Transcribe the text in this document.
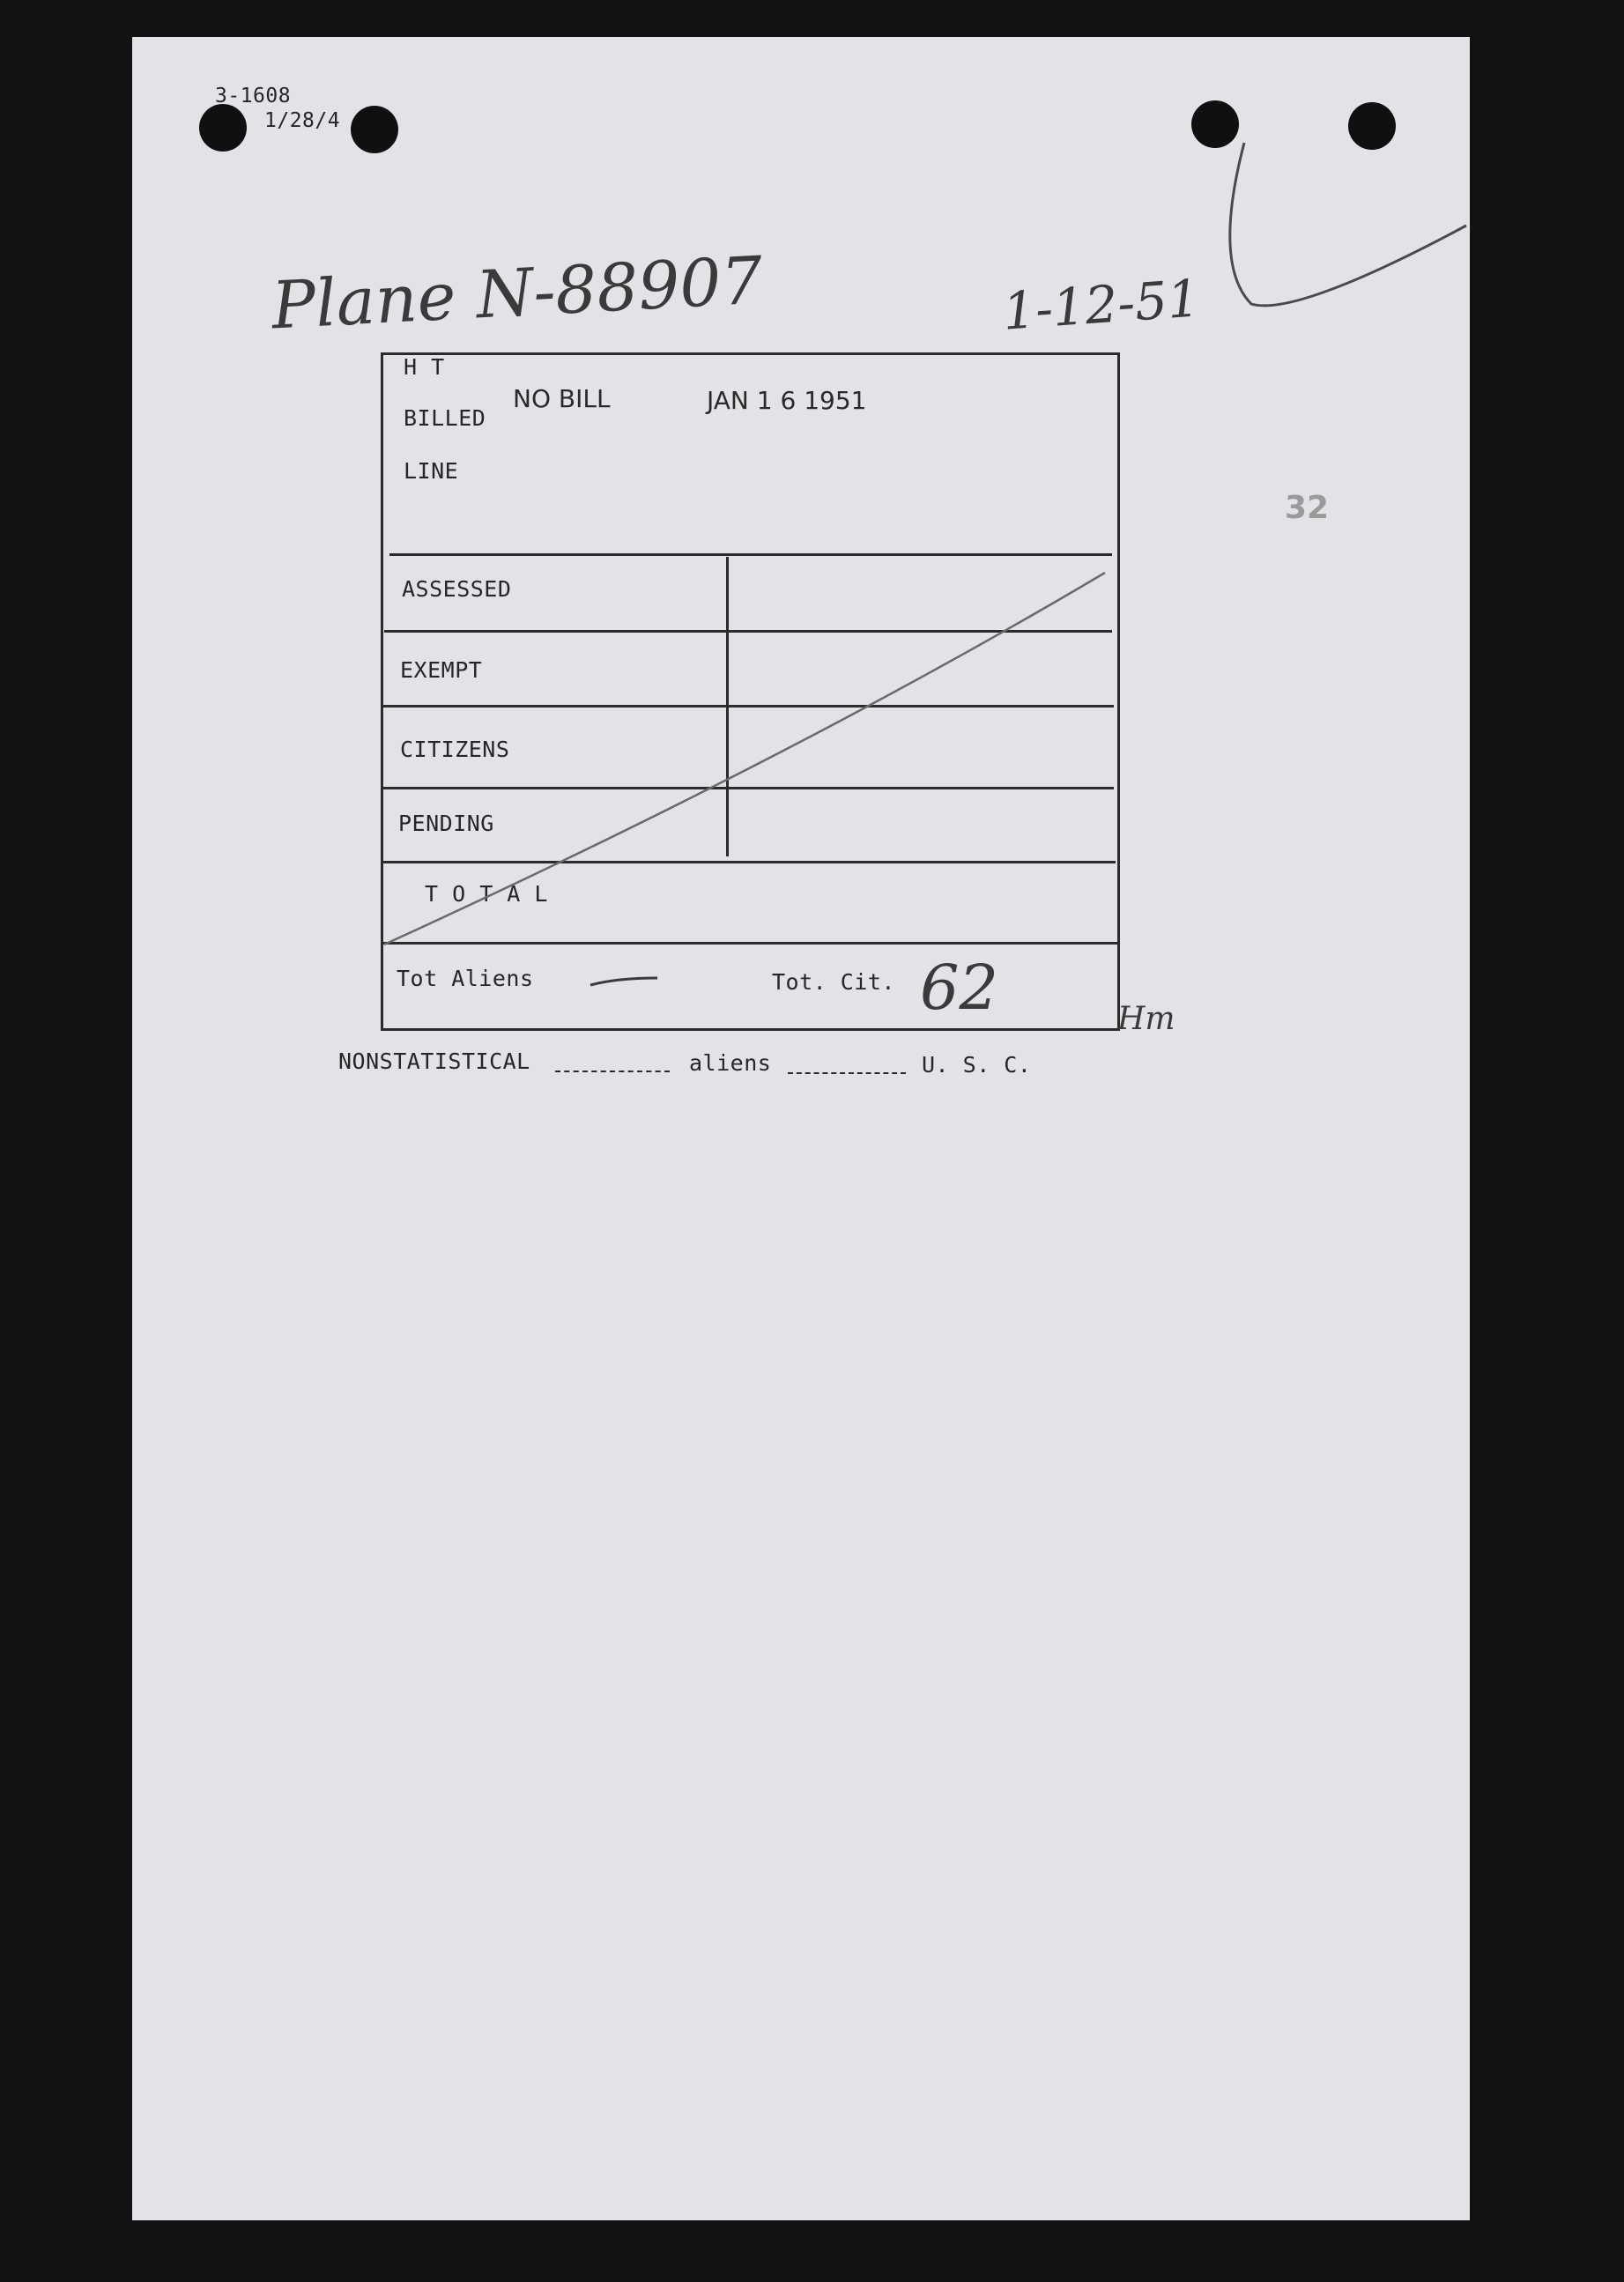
3-1608
1/28/4
Plane N-88907	1-12-51
32
H T
BILLED
LINE
NO BILL	JAN 1 6 1951
ASSESSED
EXEMPT
CITIZENS
PENDING
T O T A L
Tot Aliens	Tot. Cit. 62	Hm
NONSTATISTICAL	aliens	U. S. C.
